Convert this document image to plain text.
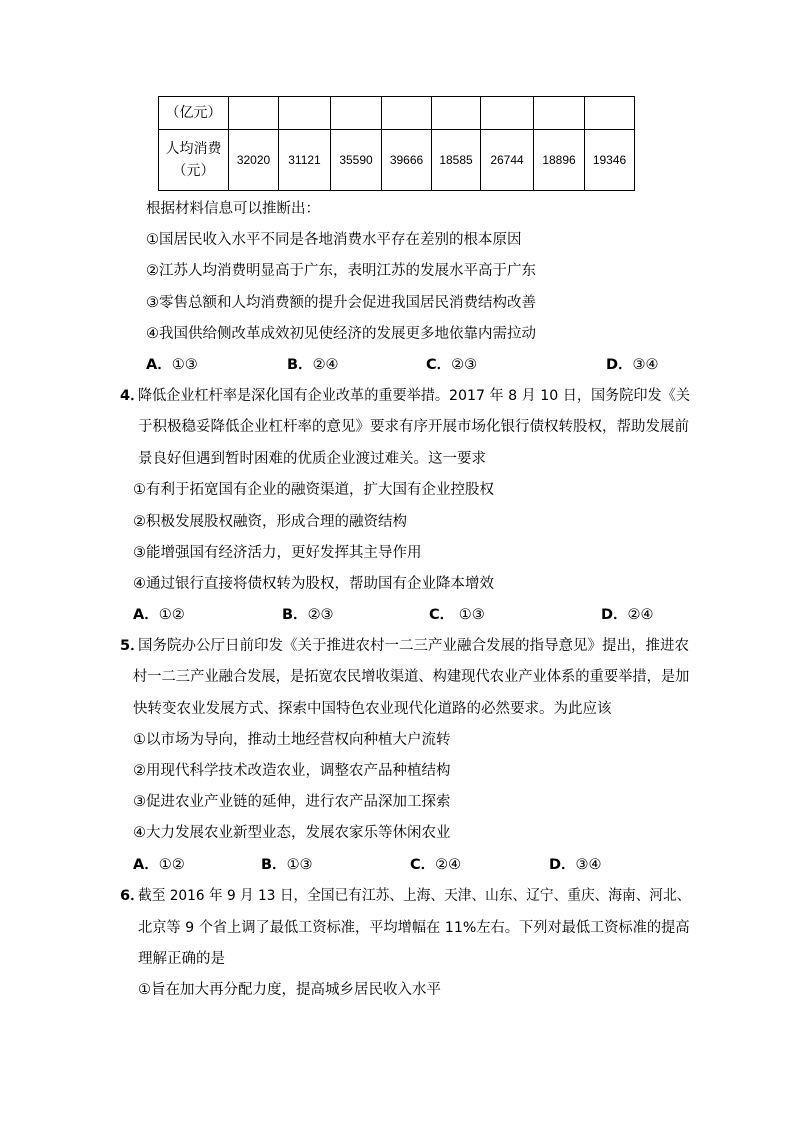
（亿元）								

人均消费
（元）	32020	31121	35590	39666	18585	26744	18896	19346
根据材料信息可以推断出：
①国居民收入水平不同是各地消费水平存在差别的根本原因
②江苏人均消费明显高于广东，表明江苏的发展水平高于广东
③零售总额和人均消费额的提升会促进我国居民消费结构改善
④我国供给侧改革成效初见使经济的发展更多地依靠内需拉动
A．①③	B．②④	C．②③	D．③④
4．
降低企业杠杆率是深化国有企业改革的重要举措。2017 年 8 月 10 日，国务院印发《关
于积极稳妥降低企业杠杆率的意见》要求有序开展市场化银行债权转股权，帮助发展前
景良好但遇到暂时困难的优质企业渡过难关。这一要求
①有利于拓宽国有企业的融资渠道，扩大国有企业控股权
②积极发展股权融资，形成合理的融资结构
③能增强国有经济活力，更好发挥其主导作用
④通过银行直接将债权转为股权，帮助国有企业降本增效
A．①②	B．②③	C． ①③	D．②④
5．
国务院办公厅日前印发《关于推进农村一二三产业融合发展的指导意见》提出，推进农
村一二三产业融合发展，是拓宽农民增收渠道、构建现代农业产业体系的重要举措，是加
快转变农业发展方式、探索中国特色农业现代化道路的必然要求。为此应该
①以市场为导向，推动土地经营权向种植大户流转
②用现代科学技术改造农业，调整农产品种植结构
③促进农业产业链的延伸，进行农产品深加工探索
④大力发展农业新型业态，发展农家乐等休闲农业
A．①②	B．①③	C．②④	D．③④
6．
截至 2016 年 9 月 13 日，全国已有江苏、上海、天津、山东、辽宁、重庆、海南、河北、
北京等 9 个省上调了最低工资标准，平均增幅在 11%左右。下列对最低工资标准的提高
理解正确的是
①旨在加大再分配力度，提高城乡居民收入水平
